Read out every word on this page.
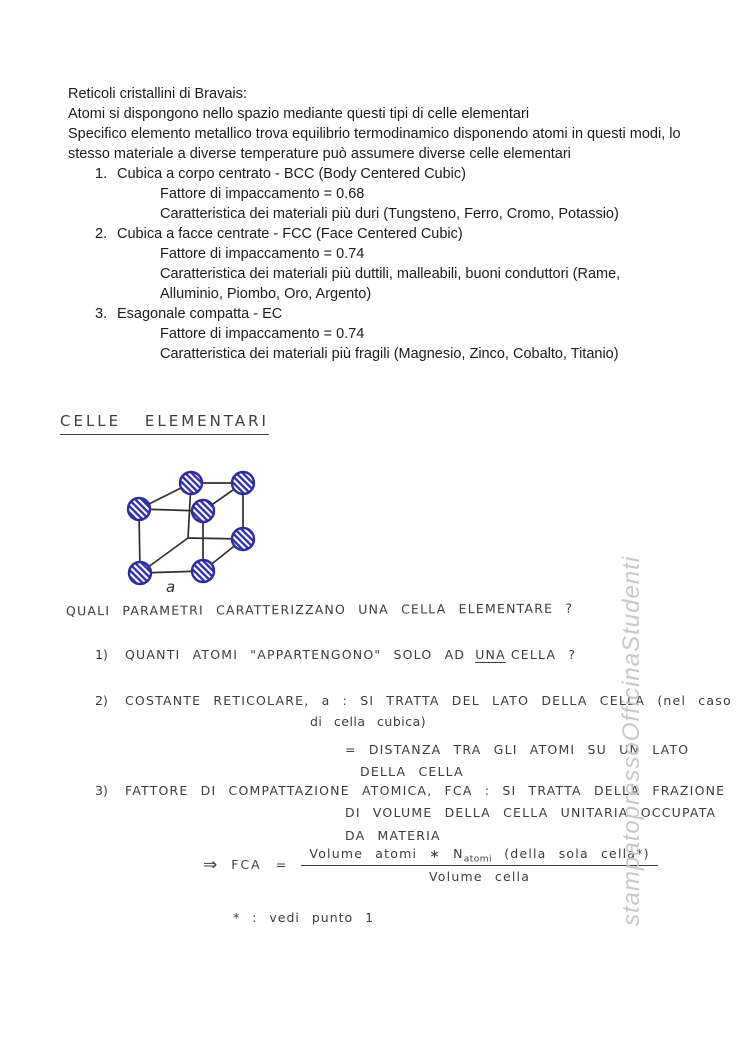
Reticoli cristallini di Bravais:
Atomi si dispongono nello spazio mediante questi tipi di celle elementari
Specifico elemento metallico trova equilibrio termodinamico disponendo atomi in questi modi, lo stesso materiale a diverse temperature può assumere diverse celle elementari
1. Cubica a corpo centrato - BCC (Body Centered Cubic)
Fattore di impaccamento = 0.68
Caratteristica dei materiali più duri (Tungsteno, Ferro, Cromo, Potassio)
2. Cubica a facce centrate - FCC (Face Centered Cubic)
Fattore di impaccamento = 0.74
Caratteristica dei materiali più duttili, malleabili, buoni conduttori (Rame, Alluminio, Piombo, Oro, Argento)
3. Esagonale compatta - EC
Fattore di impaccamento = 0.74
Caratteristica dei materiali più fragili (Magnesio, Zinco, Cobalto, Titanio)
CELLE ELEMENTARI
a
QUALI PARAMETRI CARATTERIZZANO UNA CELLA ELEMENTARE ?
1) QUANTI ATOMI "APPARTENGONO" SOLO AD UNA CELLA ?
2) COSTANTE RETICOLARE, a : SI TRATTA DEL LATO DELLA CELLA (nel caso
di cella cubica)
= DISTANZA TRA GLI ATOMI SU UN LATO
DELLA CELLA
3) FATTORE DI COMPATTAZIONE ATOMICA, FCA : SI TRATTA DELLA FRAZIONE
DI VOLUME DELLA CELLA UNITARIA OCCUPATA
DA MATERIA
⇒ FCA = $\frac{Volume atomi ∗ N_{atomi} (della sola cella*)}{\text{Volume cella}}$
* : vedi punto 1	stampatopressoOfficinaStudenti
